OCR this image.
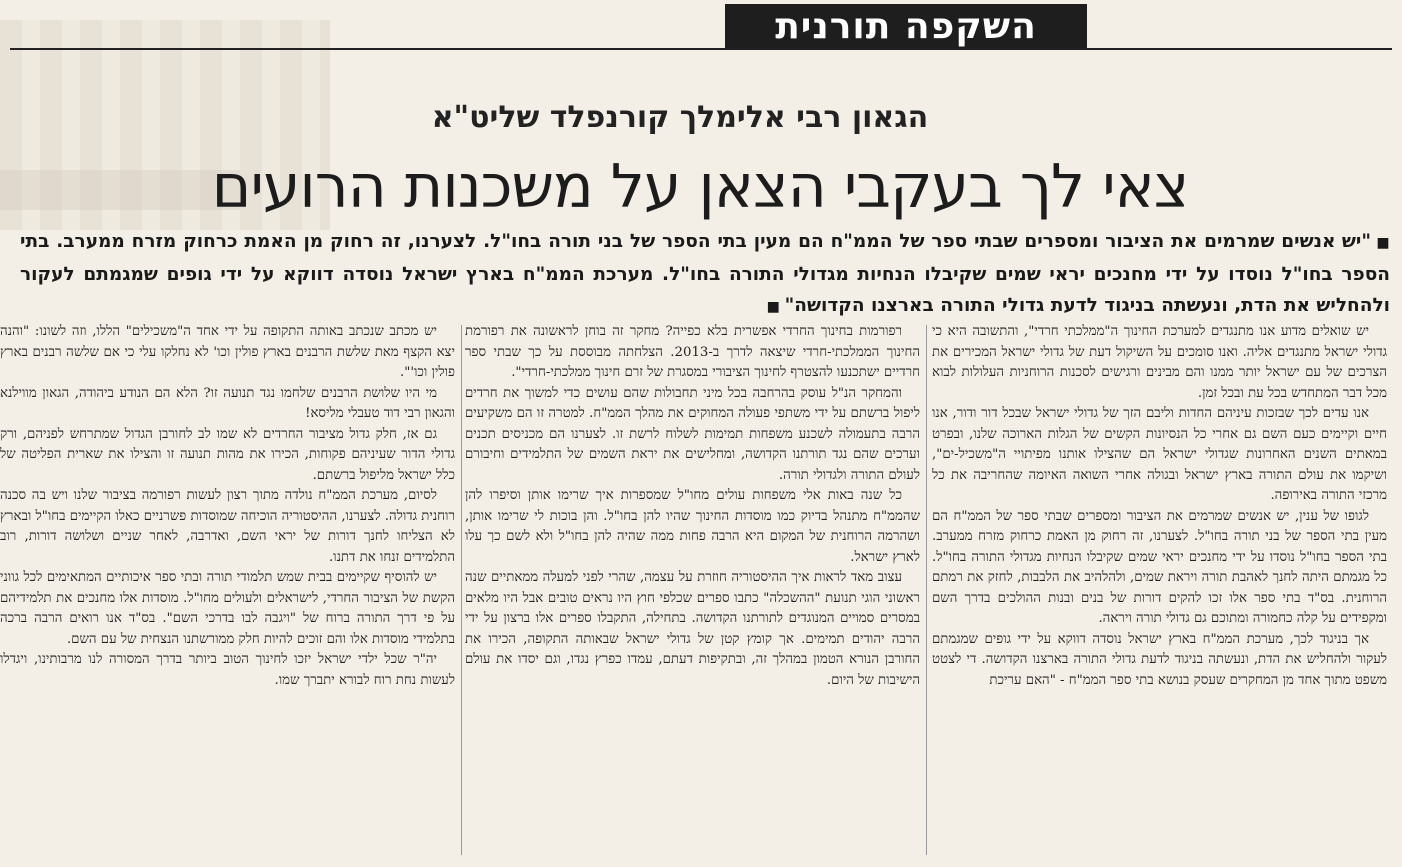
השקפה תורנית
הגאון רבי אלימלך קורנפלד שליט"א
צאי לך בעקבי הצאן על משכנות הרועים
■ "יש אנשים שמרמים את הציבור ומספרים שבתי ספר של הממ"ח הם מעין בתי הספר של בני תורה בחו"ל. לצערנו, זה רחוק מן האמת כרחוק מזרח ממערב. בתי הספר בחו"ל נוסדו על ידי מחנכים יראי שמים שקיבלו הנחיות מגדולי התורה בחו"ל. מערכת הממ"ח בארץ ישראל נוסדה דווקא על ידי גופים שמגמתם לעקור ולהחליש את הדת, ונעשתה בניגוד לדעת גדולי התורה בארצנו הקדושה" ■

יש שואלים מדוע אנו מתנגדים למערכת החינוך ה"ממלכתי חרדי", והתשובה היא כי גדולי ישראל מתנגדים אליה. ואנו סומכים על השיקול דעת של גדולי ישראל המכירים את הצרכים של עם ישראל יותר ממנו והם מבינים ורגישים לסכנות הרוחניות העלולות לבוא מכל דבר המתחדש בכל עת ובכל זמן.

אנו עדים לכך שבזכות עיניהם החדות וליבם הזך של גדולי ישראל שבכל דור ודור, אנו חיים וקיימים כעם השם גם אחרי כל הנסיונות הקשים של הגלות הארוכה שלנו, ובפרט במאתים השנים האחרונות שגדולי ישראל הם שהצילו אותנו מפיתויי ה"משכיל-ים", ושיקמו את עולם התורה בארץ ישראל ובגולה אחרי השואה האיומה שהחריבה את כל מרכזי התורה באירופה.

לגופו של ענין, יש אנשים שמרמים את הציבור ומספרים שבתי ספר של הממ"ח הם מעין בתי הספר של בני תורה בחו"ל. לצערנו, זה רחוק מן האמת כרחוק מזרח ממערב. בתי הספר בחו"ל נוסדו על ידי מחנכים יראי שמים שקיבלו הנחיות מגדולי התורה בחו"ל. כל מגמתם היתה לחנך לאהבת תורה ויראת שמים, ולהלהיב את הלבבות, לחזק את רמתם הרוחנית. בס"ד בתי ספר אלו זכו להקים דורות של בנים ובנות ההולכים בדרך השם ומקפידים על קלה כחמורה ומתוכם גם גדולי תורה ויראה.

אך בניגוד לכך, מערכת הממ"ח בארץ ישראל נוסדה דווקא על ידי גופים שמגמתם לעקור ולהחליש את הדת, ונעשתה בניגוד לדעת גדולי התורה בארצנו הקדושה. די לצטט משפט מתוך אחד מן המחקרים שעסק בנושא בתי ספר הממ"ח - "האם עריכת

רפורמות בחינוך החרדי אפשרית בלא כפייה? מחקר זה בוחן לראשונה את רפורמת החינוך הממלכתי-חרדי שיצאה לדרך ב-2013. הצלחתה מבוססת על כך שבתי ספר חרדיים ישתכנעו להצטרף לחינוך הציבורי במסגרת של זרם חינוך ממלכתי-חרדי".

והמחקר הנ"ל עוסק בהרחבה בכל מיני תחבולות שהם עושים כדי למשוך את חרדים ליפול ברשתם על ידי משתפי פעולה המחוקים את מהלך הממ"ח. למטרה זו הם משקיעים הרבה בתעמולה לשכנע משפחות תמימות לשלוח לרשת זו. לצערנו הם מכניסים תכנים וערכים שהם נגד תורתנו הקדושה, ומחלישים את יראת השמים של התלמידים וחיבורם לעולם התורה ולגדולי תורה.

כל שנה באות אלי משפחות עולים מחו"ל שמספרות איך שרימו אותן וסיפרו להן שהממ"ח מתנהל בדיוק כמו מוסדות החינוך שהיו להן בחו"ל. והן בוכות לי שרימו אותן, ושהרמה הרוחנית של המקום היא הרבה פחות ממה שהיה להן בחו"ל ולא לשם כך עלו לארץ ישראל.

עצוב מאד לראות איך ההיסטוריה חוזרת על עצמה, שהרי לפני למעלה ממאתיים שנה ראשוני הוגי תנועת "ההשכלה" כתבו ספרים שכלפי חוץ היו נראים טובים אבל היו מלאים במסרים סמויים המנוגדים לתורתנו הקדושה. בתחילה, התקבלו ספרים אלו ברצון על ידי הרבה יהודים תמימים. אך קומץ קטן של גדולי ישראל שבאותה התקופה, הכירו את החורבן הנורא הטמון במהלך זה, ובתקיפות דעתם, עמדו כפרץ נגדו, וגם יסדו את עולם הישיבות של היום.

יש מכתב שנכתב באותה התקופה על ידי אחד ה"משכילים" הללו, וזה לשונו: "והנה יצא הקצף מאת שלשת הרבנים בארץ פולין וכו' לא נחלקו עלי כי אם שלשה רבנים בארץ פולין וכו'".

מי היו שלושת הרבנים שלחמו נגד תנועה זו? הלא הם הנודע ביהודה, הגאון מווילנא והגאון רבי דוד טעבלי מליסא!

גם אז, חלק גדול מציבור החרדים לא שמו לב לחורבן הגדול שמתרחש לפניהם, ורק גדולי הדור שעיניהם פקוחות, הכירו את מהות תנועה זו והצילו את שארית הפליטה של כלל ישראל מליפול ברשתם.

לסיום, מערכת הממ"ח נולדה מתוך רצון לעשות רפורמה בציבור שלנו ויש בה סכנה רוחנית גדולה. לצערנו, ההיסטוריה הוכיחה שמוסדות פשרניים כאלו הקיימים בחו"ל ובארץ לא הצליחו לחנך דורות של יראי השם, ואדרבה, לאחר שניים ושלושה דורות, רוב התלמידים זנחו את דתנו.

יש להוסיף שקיימים בבית שמש תלמודי תורה ובתי ספר איכותיים המתאימים לכל גווני הקשת של הציבור החרדי, לישראלים ולעולים מחו"ל. מוסדות אלו מחנכים את תלמידיהם על פי דרך התורה ברוח של "ויגבה לבו בדרכי השם". בס"ד אנו רואים הרבה ברכה בתלמידי מוסדות אלו והם זוכים להיות חלק ממורשתנו הנצחית של עם השם.

יה"ר שכל ילדי ישראל יזכו לחינוך הטוב ביותר בדרך המסורה לנו מרבותינו, ויגדלו לעשות נחת רוח לבורא יתברך שמו.
